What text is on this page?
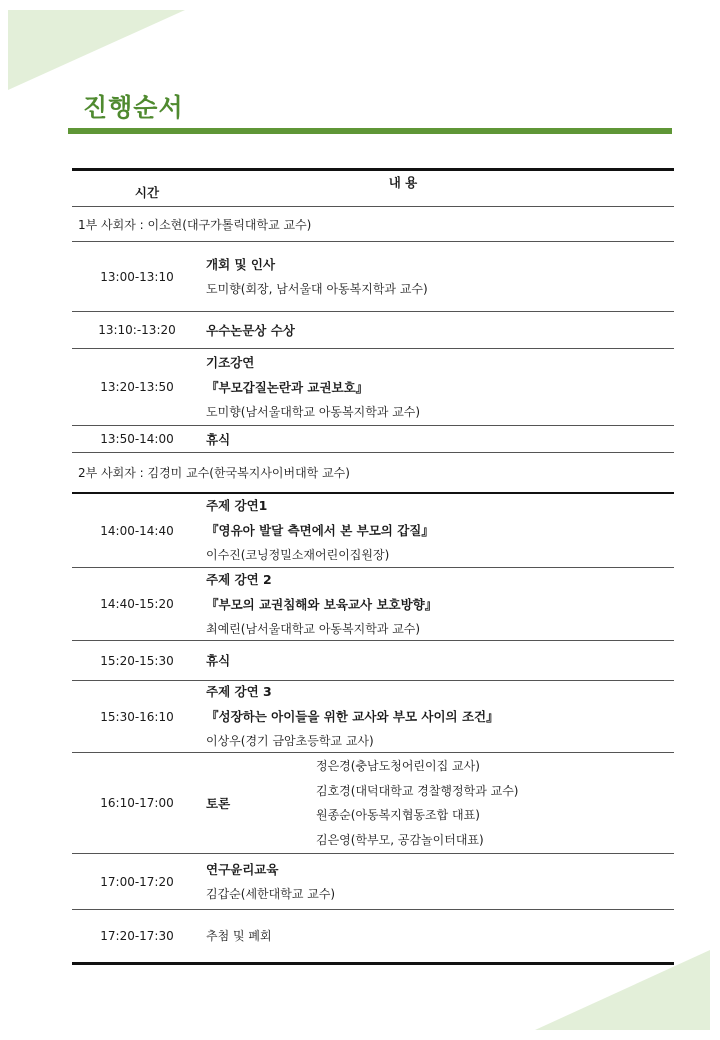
진행순서
시간
내 용
1부 사회자 : 이소현(대구가톨릭대학교 교수)
13:00-13:10
개회 및 인사
도미향(회장, 남서울대 아동복지학과 교수)
13:10:-13:20	우수논문상 수상
13:20-13:50
기조강연
『부모갑질논란과 교권보호』
도미향(남서울대학교 아동복지학과 교수)
13:50-14:00	휴식
2부 사회자 : 김경미 교수(한국복지사이버대학 교수)
14:00-14:40
주제 강연1
『영유아 발달 측면에서 본 부모의 갑질』
이수진(코닝정밀소재어린이집원장)
14:40-15:20
주제 강연 2
『부모의 교권침해와 보육교사 보호방향』
최예린(남서울대학교 아동복지학과 교수)
15:20-15:30	휴식
15:30-16:10
주제 강연 3
『성장하는 아이들을 위한 교사와 부모 사이의 조건』
이상우(경기 금암초등학교 교사)
16:10-17:00	토론
정은경(충남도청어린이집 교사)
김호경(대덕대학교 경찰행정학과 교수)
원종순(아동복지협동조합 대표)
김은영(학부모, 공감놀이터대표)
17:00-17:20
연구윤리교육
김갑순(세한대학교 교수)
17:20-17:30	추첨 및 폐회
